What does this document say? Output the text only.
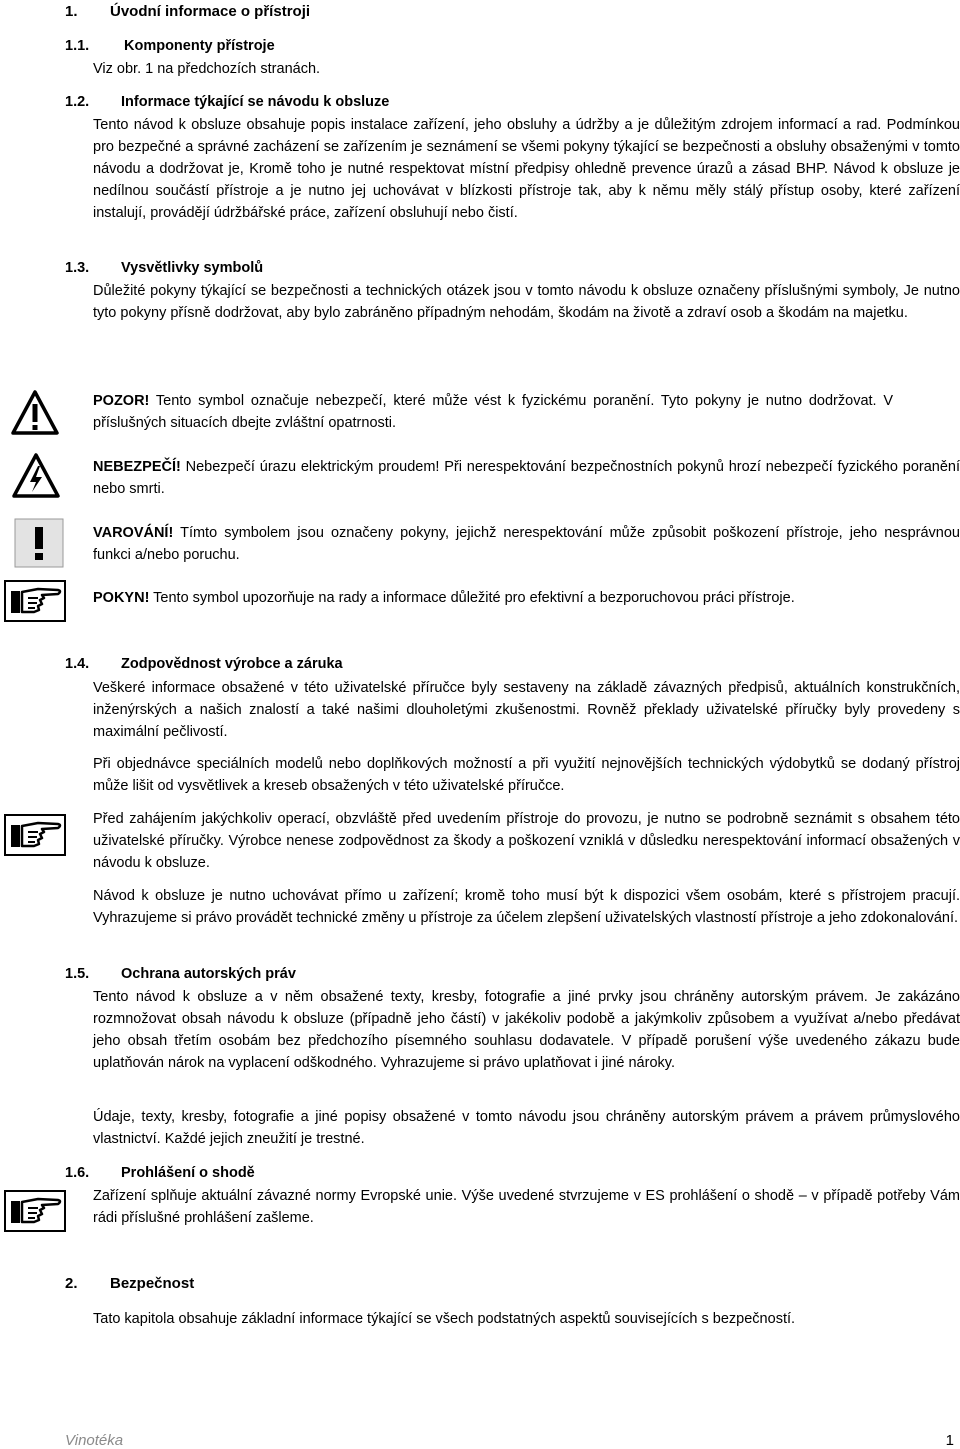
1. Úvodní informace o přístroji
1.1. Komponenty přístroje
Viz obr. 1 na předchozích stranách.
1.2. Informace týkající se návodu k obsluze
Tento návod k obsluze obsahuje popis instalace zařízení, jeho obsluhy a údržby a je důležitým zdrojem informací a rad. Podmínkou pro bezpečné a správné zacházení se zařízením je seznámení se všemi pokyny týkající se bezpečnosti a obsluhy obsaženými v tomto návodu a dodržovat je, Kromě toho je nutné respektovat místní předpisy ohledně prevence úrazů a zásad BHP. Návod k obsluze je nedílnou součástí přístroje a je nutno jej uchovávat v blízkosti přístroje tak, aby k němu měly stálý přístup osoby, které zařízení instalují, provádějí údržbářské práce, zařízení obsluhují nebo čistí.
1.3. Vysvětlivky symbolů
Důležité pokyny týkající se bezpečnosti a technických otázek jsou v tomto návodu k obsluze označeny příslušnými symboly, Je nutno tyto pokyny přísně dodržovat, aby bylo zabráněno případným nehodám, škodám na životě a zdraví osob a škodám na majetku.
POZOR! Tento symbol označuje nebezpečí, které může vést k fyzickému poranění. Tyto pokyny je nutno dodržovat. V příslušných situacích dbejte zvláštní opatrnosti.
NEBEZPEČÍ! Nebezpečí úrazu elektrickým proudem! Při nerespektování bezpečnostních pokynů hrozí nebezpečí fyzického poranění nebo smrti.
VAROVÁNÍ! Tímto symbolem jsou označeny pokyny, jejichž nerespektování může způsobit poškození přístroje, jeho nesprávnou funkci a/nebo poruchu.
POKYN! Tento symbol upozorňuje na rady a informace důležité pro efektivní a bezporuchovou práci přístroje.
1.4. Zodpovědnost výrobce a záruka
Veškeré informace obsažené v této uživatelské příručce byly sestaveny na základě závazných předpisů, aktuálních konstrukčních, inženýrských a našich znalostí a také našimi dlouholetými zkušenostmi. Rovněž překlady uživatelské příručky byly provedeny s maximální pečlivostí.
Při objednávce speciálních modelů nebo doplňkových možností a při využití nejnovějších technických výdobytků se dodaný přístroj může lišit od vysvětlivek a kreseb obsažených v této uživatelské příručce.
Před zahájením jakýchkoliv operací, obzvláště před uvedením přístroje do provozu, je nutno se podrobně seznámit s obsahem této uživatelské příručky. Výrobce nenese zodpovědnost za škody a poškození vzniklá v důsledku nerespektování informací obsažených v návodu k obsluze.
Návod k obsluze je nutno uchovávat přímo u zařízení; kromě toho musí být k dispozici všem osobám, které s přístrojem pracují. Vyhrazujeme si právo provádět technické změny u přístroje za účelem zlepšení uživatelských vlastností přístroje a jeho zdokonalování.
1.5. Ochrana autorských práv
Tento návod k obsluze a v něm obsažené texty, kresby, fotografie a jiné prvky jsou chráněny autorským právem. Je zakázáno rozmnožovat obsah návodu k obsluze (případně jeho částí) v jakékoliv podobě a jakýmkoliv způsobem a využívat a/nebo předávat jeho obsah třetím osobám bez předchozího písemného souhlasu dodavatele. V případě porušení výše uvedeného zákazu bude uplatňován nárok na vyplacení odškodného. Vyhrazujeme si právo uplatňovat i jiné nároky.
Údaje, texty, kresby, fotografie a jiné popisy obsažené v tomto návodu jsou chráněny autorským právem a právem průmyslového vlastnictví. Každé jejich zneužití je trestné.
1.6. Prohlášení o shodě
Zařízení splňuje aktuální závazné normy Evropské unie. Výše uvedené stvrzujeme v ES prohlášení o shodě – v případě potřeby Vám rádi příslušné prohlášení zašleme.
2. Bezpečnost
Tato kapitola obsahuje základní informace týkající se všech podstatných aspektů souvisejících s bezpečností.
Vinotéka	1
